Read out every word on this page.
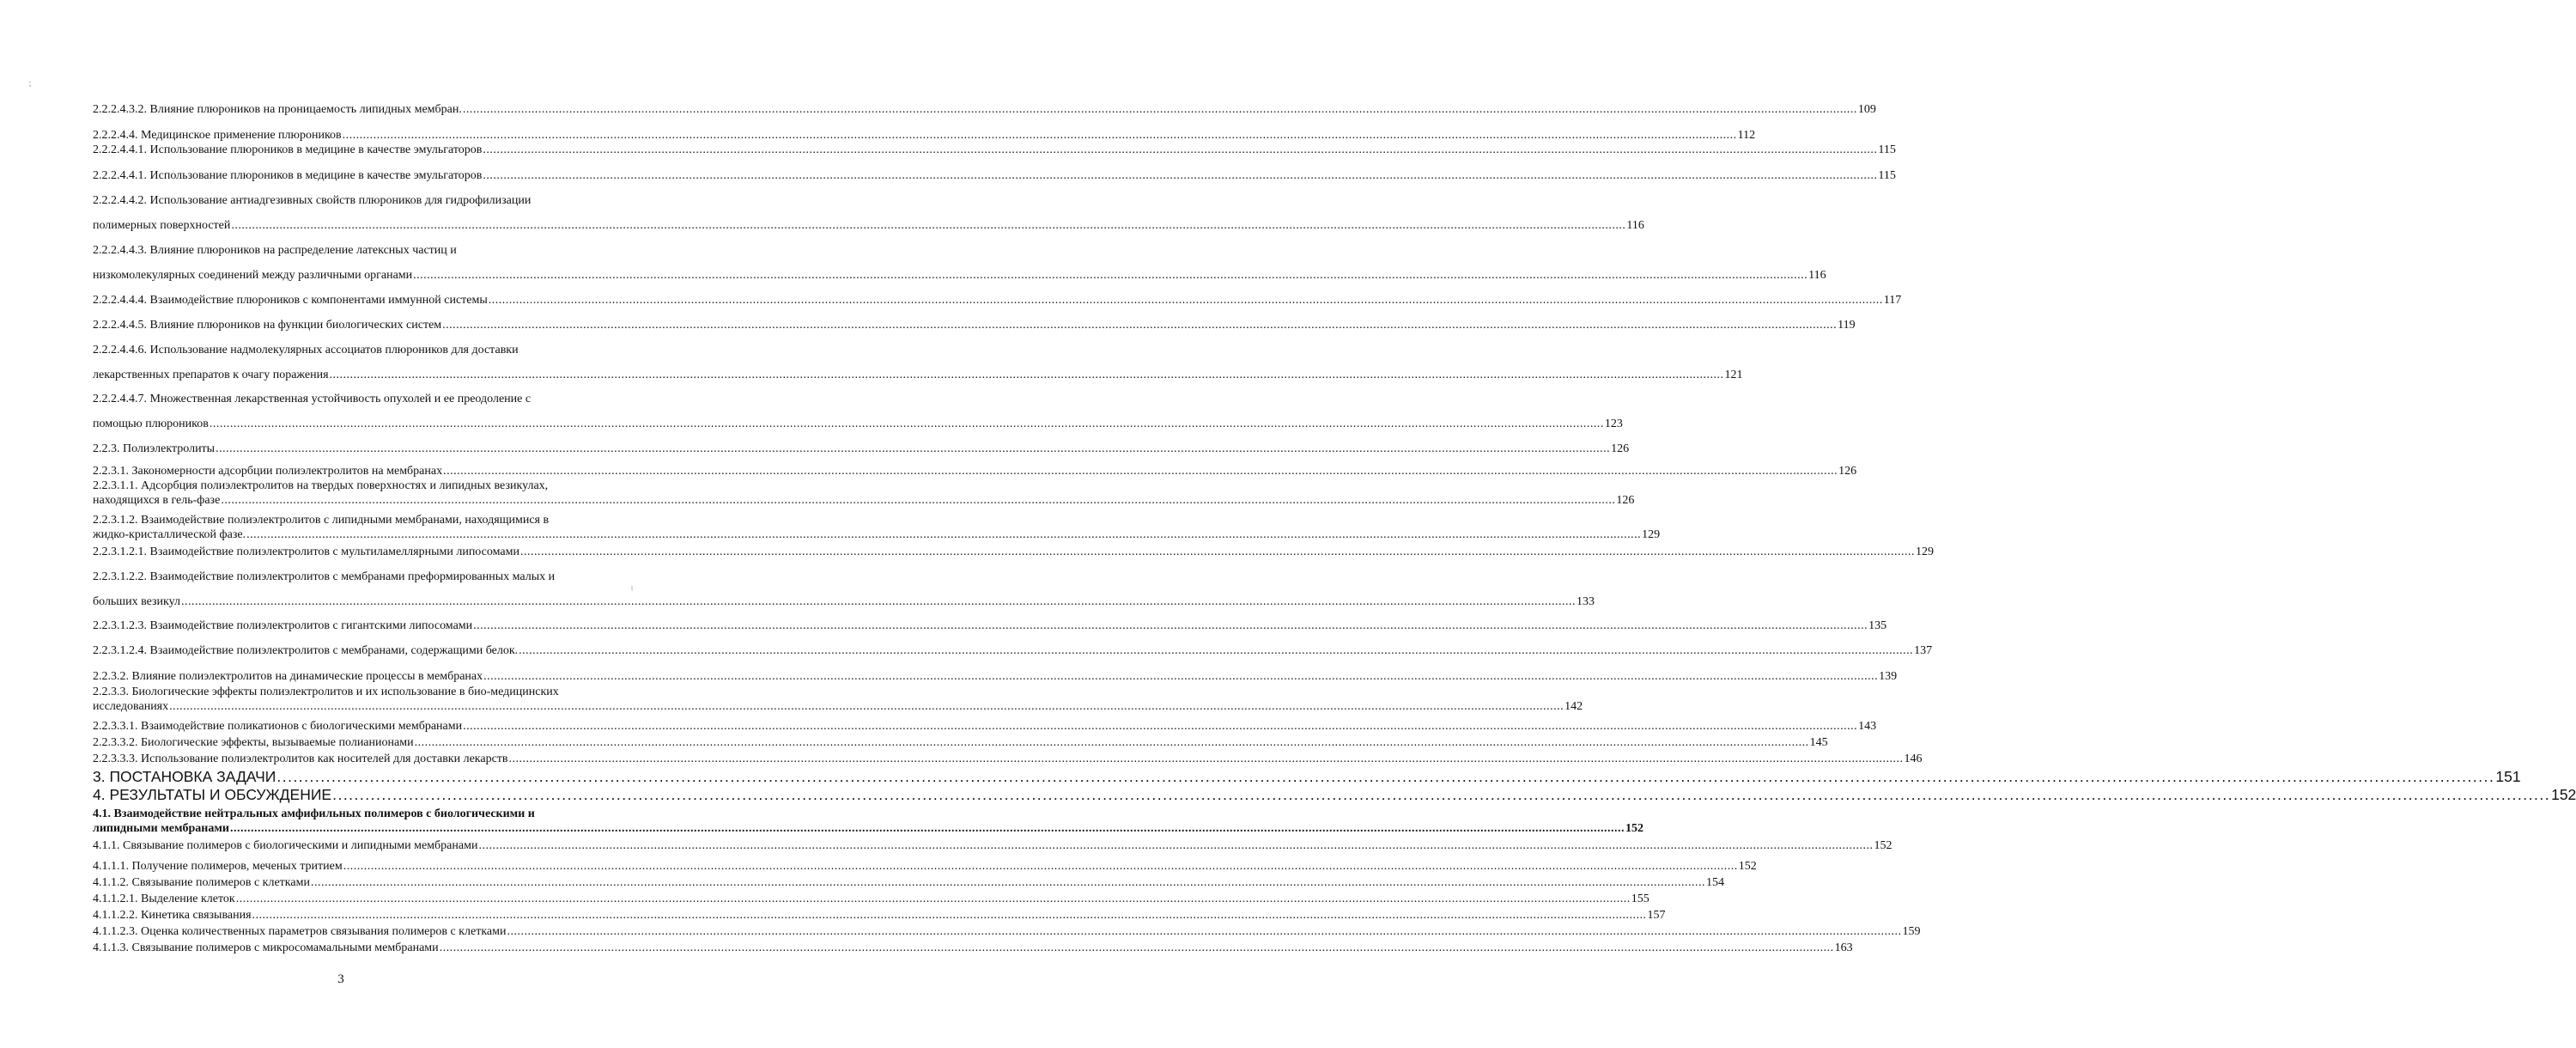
⁏
ᵎ
2.2.2.4.3.2. Влияние плюроников на проницаемость липидных мембран. .....	109
2.2.2.4.4. Медицинское применение плюроников .....	112
2.2.2.4.4.1. Использование плюроников в медицине в качестве эмульгаторов .....	115
2.2.2.4.4.1. Использование плюроников в медицине в качестве эмульгаторов .....	115
2.2.2.4.4.2. Использование антиадгезивных свойств плюроников для гидрофилизации
полимерных поверхностей .....	116
2.2.2.4.4.3. Влияние плюроников на распределение латексных частиц и
низкомолекулярных соединений между различными органами .....	116
2.2.2.4.4.4. Взаимодействие плюроников с компонентами иммунной системы .....	117
2.2.2.4.4.5. Влияние плюроников на функции биологических систем .....	119
2.2.2.4.4.6. Использование надмолекулярных ассоциатов плюроников для доставки
лекарственных препаратов к очагу поражения .....	121
2.2.2.4.4.7. Множественная лекарственная устойчивость опухолей и ее преодоление с
помощью плюроников .....	123
2.2.3. Полиэлектролиты .....	126
2.2.3.1. Закономерности адсорбции полиэлектролитов на мембранах .....	126
2.2.3.1.1. Адсорбция полиэлектролитов на твердых поверхностях и липидных везикулах,
находящихся в гель-фазе .....	126
2.2.3.1.2. Взаимодействие полиэлектролитов с липидными мембранами, находящимися в
жидко-кристаллической фазе. .....	129
2.2.3.1.2.1. Взаимодействие полиэлектролитов с мультиламеллярными липосомами .....	129
2.2.3.1.2.2. Взаимодействие полиэлектролитов с мембранами преформированных малых и
больших везикул .....	133
2.2.3.1.2.3. Взаимодействие полиэлектролитов с гигантскими липосомами .....	135
2.2.3.1.2.4. Взаимодействие полиэлектролитов с мембранами, содержащими белок. .....	137
2.2.3.2. Влияние полиэлектролитов на динамические процессы в мембранах .....	139
2.2.3.3. Биологические эффекты полиэлектролитов и их использование в био-медицинских
исследованиях .....	142
2.2.3.3.1. Взаимодействие поликатионов с биологическими мембранами .....	143
2.2.3.3.2. Биологические эффекты, вызываемые полианионами .....	145
2.2.3.3.3. Использование полиэлектролитов как носителей для доставки лекарств .....	146
3. ПОСТАНОВКА ЗАДАЧИ .....	151
4. РЕЗУЛЬТАТЫ И ОБСУЖДЕНИЕ .....	152
4.1. Взаимодействие нейтральных амфифильных полимеров с биологическими и
липидными мембранами .....	152
4.1.1. Связывание полимеров с биологическими и липидными мембранами .....	152
4.1.1.1. Получение полимеров, меченых тритием .....	152
4.1.1.2. Связывание полимеров с клетками .....	154
4.1.1.2.1. Выделение клеток .....	155
4.1.1.2.2. Кинетика связывания .....	157
4.1.1.2.3. Оценка количественных параметров связывания полимеров с клетками .....	159
4.1.1.3. Связывание полимеров с микросомамальными мембранами .....	163
3
